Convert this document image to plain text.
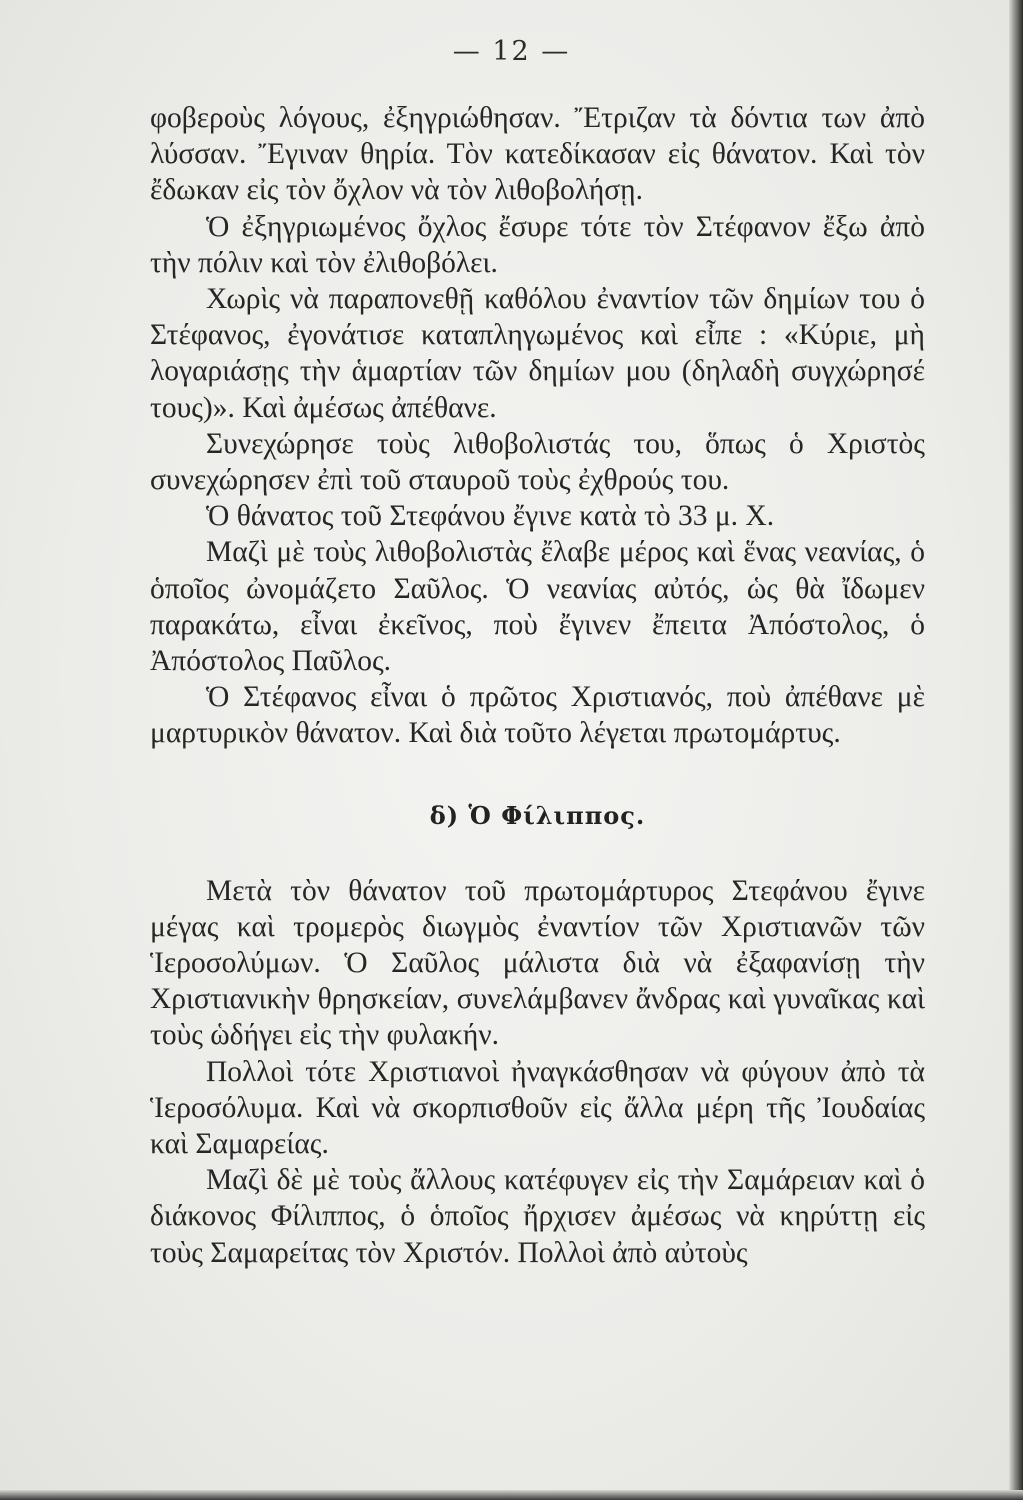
— 12 —

φοβεροὺς λόγους, ἐξηγριώθησαν. Ἔτριζαν τὰ δόντια των ἀπὸ λύσσαν. Ἔγιναν θηρία. Τὸν κατεδίκασαν εἰς θάνατον. Καὶ τὸν ἔδωκαν εἰς τὸν ὄχλον νὰ τὸν λιθοβολήσῃ.

Ὁ ἐξηγριωμένος ὄχλος ἔσυρε τότε τὸν Στέφανον ἔξω ἀπὸ τὴν πόλιν καὶ τὸν ἐλιθοβόλει.

Χωρὶς νὰ παραπονεθῇ καθόλου ἐναντίον τῶν δημίων του ὁ Στέφανος, ἐγονάτισε καταπληγωμένος καὶ εἶπε : «Κύριε, μὴ λογαριάσῃς τὴν ἁμαρτίαν τῶν δημίων μου (δηλαδὴ συγχώρησέ τους)». Καὶ ἀμέσως ἀπέθανε.

Συνεχώρησε τοὺς λιθοβολιστάς του, ὅπως ὁ Χριστὸς συνεχώρησεν ἐπὶ τοῦ σταυροῦ τοὺς ἐχθρούς του.

Ὁ θάνατος τοῦ Στεφάνου ἔγινε κατὰ τὸ 33 μ. Χ.

Μαζὶ μὲ τοὺς λιθοβολιστὰς ἔλαβε μέρος καὶ ἕνας νεανίας, ὁ ὁποῖος ὠνομάζετο Σαῦλος. Ὁ νεανίας αὐτός, ὡς θὰ ἴδωμεν παρακάτω, εἶναι ἐκεῖνος, ποὺ ἔγινεν ἔπειτα Ἀπόστολος, ὁ Ἀπόστολος Παῦλος.

Ὁ Στέφανος εἶναι ὁ πρῶτος Χριστιανός, ποὺ ἀπέθανε μὲ μαρτυρικὸν θάνατον. Καὶ διὰ τοῦτο λέγεται πρωτομάρτυς.

δ) Ὁ Φίλιππος.

Μετὰ τὸν θάνατον τοῦ πρωτομάρτυρος Στεφάνου ἔγινε μέγας καὶ τρομερὸς διωγμὸς ἐναντίον τῶν Χριστιανῶν τῶν Ἱεροσολύμων. Ὁ Σαῦλος μάλιστα διὰ νὰ ἐξαφανίσῃ τὴν Χριστιανικὴν θρησκείαν, συνελάμβανεν ἄνδρας καὶ γυναῖκας καὶ τοὺς ὡδήγει εἰς τὴν φυλακήν.

Πολλοὶ τότε Χριστιανοὶ ἠναγκάσθησαν νὰ φύγουν ἀπὸ τὰ Ἱεροσόλυμα. Καὶ νὰ σκορπισθοῦν εἰς ἄλλα μέρη τῆς Ἰουδαίας καὶ Σαμαρείας.

Μαζὶ δὲ μὲ τοὺς ἄλλους κατέφυγεν εἰς τὴν Σαμάρειαν καὶ ὁ διάκονος Φίλιππος, ὁ ὁποῖος ἤρχισεν ἀμέσως νὰ κηρύττῃ εἰς τοὺς Σαμαρείτας τὸν Χριστόν. Πολλοὶ ἀπὸ αὐτοὺς
